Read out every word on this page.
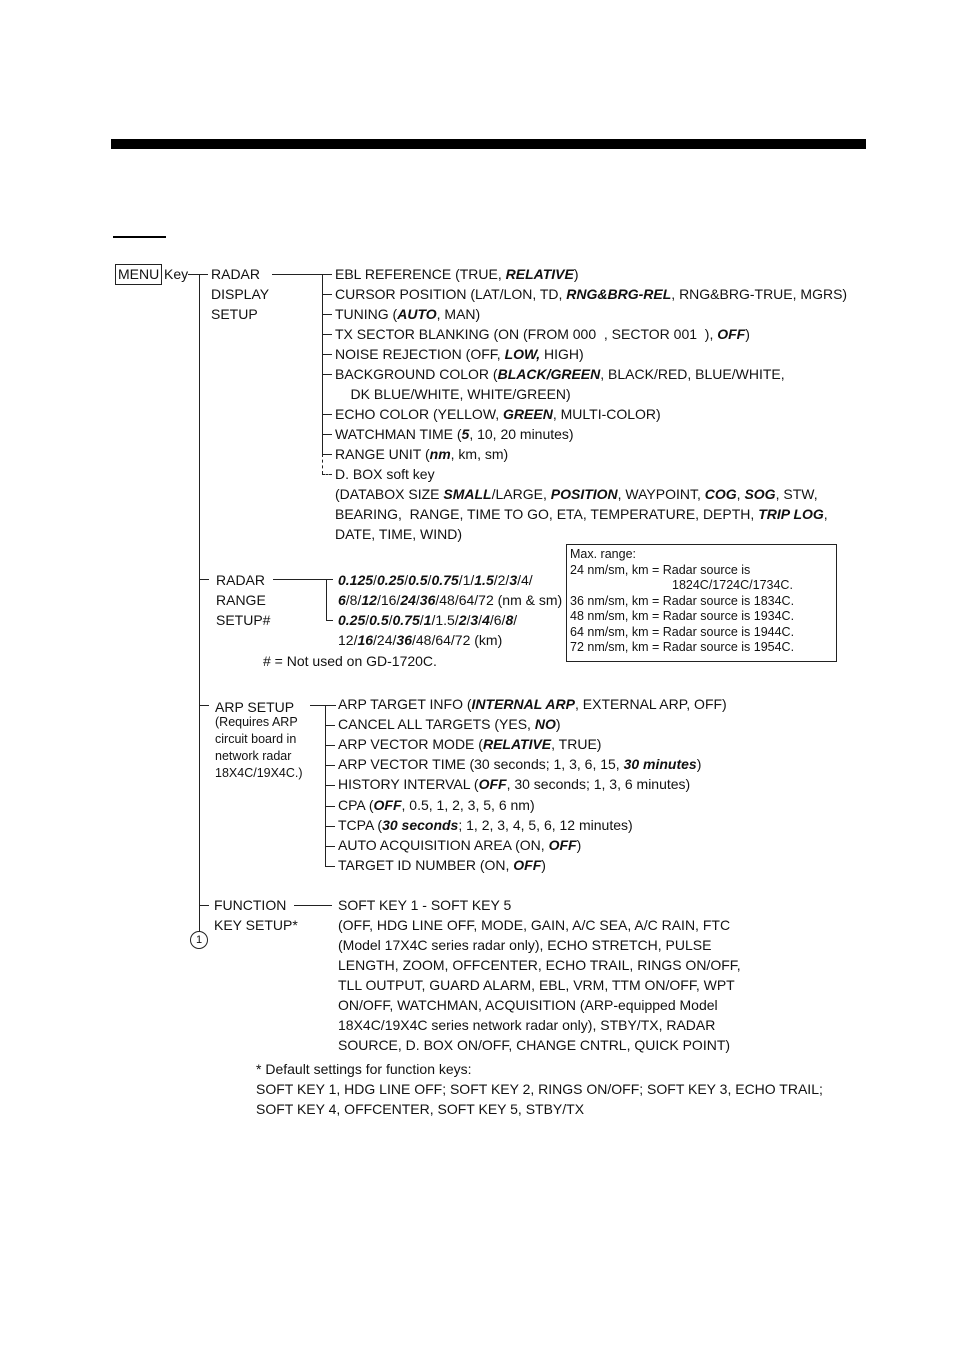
MENU Key
1
RADAR
DISPLAY
SETUP
EBL REFERENCE (TRUE, RELATIVE)
CURSOR POSITION (LAT/LON, TD, RNG&BRG-REL, RNG&BRG-TRUE, MGRS)
TUNING (AUTO, MAN)
TX SECTOR BLANKING (ON (FROM 000  , SECTOR 001  ), OFF)
NOISE REJECTION (OFF, LOW, HIGH)
BACKGROUND COLOR (BLACK/GREEN, BLACK/RED, BLUE/WHITE,
DK BLUE/WHITE, WHITE/GREEN)
ECHO COLOR (YELLOW, GREEN, MULTI-COLOR)
WATCHMAN TIME (5, 10, 20 minutes)
RANGE UNIT (nm, km, sm)
D. BOX soft key
(DATABOX SIZE SMALL/LARGE, POSITION, WAYPOINT, COG, SOG, STW,
BEARING,  RANGE, TIME TO GO, ETA, TEMPERATURE, DEPTH, TRIP LOG,
DATE, TIME, WIND)
RADAR
RANGE
SETUP#
0.125/0.25/0.5/0.75/1/1.5/2/3/4/
6/8/12/16/24/36/48/64/72 (nm & sm)
0.25/0.5/0.75/1/1.5/2/3/4/6/8/
12/16/24/36/48/64/72 (km)
# = Not used on GD-1720C.
Max. range:
24 nm/sm, km = Radar source is
1824C/1724C/1734C.
36 nm/sm, km = Radar source is 1834C.
48 nm/sm, km = Radar source is 1934C.
64 nm/sm, km = Radar source is 1944C.
72 nm/sm, km = Radar source is 1954C.
ARP SETUP
(Requires ARP
circuit board in
network radar
18X4C/19X4C.)
ARP TARGET INFO (INTERNAL ARP, EXTERNAL ARP, OFF)
CANCEL ALL TARGETS (YES, NO)
ARP VECTOR MODE (RELATIVE, TRUE)
ARP VECTOR TIME (30 seconds; 1, 3, 6, 15, 30 minutes)
HISTORY INTERVAL (OFF, 30 seconds; 1, 3, 6 minutes)
CPA (OFF, 0.5, 1, 2, 3, 5, 6 nm)
TCPA (30 seconds; 1, 2, 3, 4, 5, 6, 12 minutes)
AUTO ACQUISITION AREA (ON, OFF)
TARGET ID NUMBER (ON, OFF)
FUNCTION
KEY SETUP*
SOFT KEY 1 - SOFT KEY 5
(OFF, HDG LINE OFF, MODE, GAIN, A/C SEA, A/C RAIN, FTC
(Model 17X4C series radar only), ECHO STRETCH, PULSE
LENGTH, ZOOM, OFFCENTER, ECHO TRAIL, RINGS ON/OFF,
TLL OUTPUT, GUARD ALARM, EBL, VRM, TTM ON/OFF, WPT
ON/OFF, WATCHMAN, ACQUISITION (ARP-equipped Model
18X4C/19X4C series network radar only), STBY/TX, RADAR
SOURCE, D. BOX ON/OFF, CHANGE CNTRL, QUICK POINT)
* Default settings for function keys:
SOFT KEY 1, HDG LINE OFF; SOFT KEY 2, RINGS ON/OFF; SOFT KEY 3, ECHO TRAIL;
SOFT KEY 4, OFFCENTER, SOFT KEY 5, STBY/TX
